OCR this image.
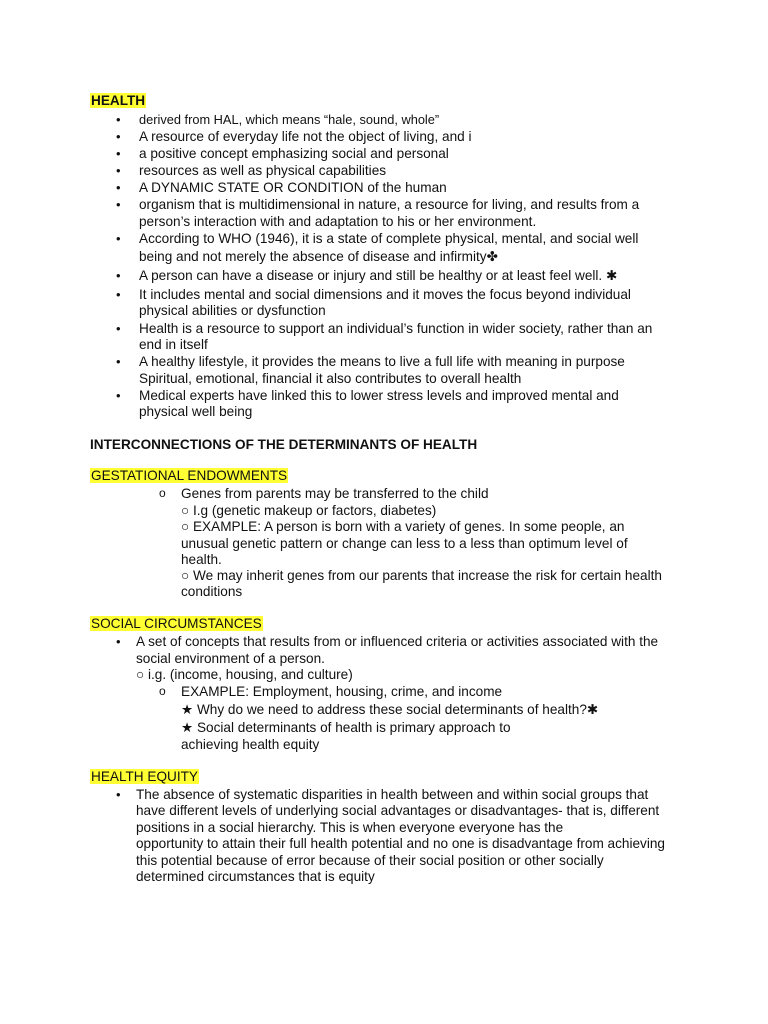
HEALTH
• derived from HAL, which means “hale, sound, whole”
• A resource of everyday life not the object of living, and i
• a positive concept emphasizing social and personal
• resources as well as physical capabilities
• A DYNAMIC STATE OR CONDITION of the human
• organism that is multidimensional in nature, a resource for living, and results from a
person’s interaction with and adaptation to his or her environment.
• According to WHO (1946), it is a state of complete physical, mental, and social well
being and not merely the absence of disease and infirmity✤
• A person can have a disease or injury and still be healthy or at least feel well. ✱
• It includes mental and social dimensions and it moves the focus beyond individual
physical abilities or dysfunction
• Health is a resource to support an individual’s function in wider society, rather than an
end in itself
• A healthy lifestyle, it provides the means to live a full life with meaning in purpose
Spiritual, emotional, financial it also contributes to overall health
• Medical experts have linked this to lower stress levels and improved mental and
physical well being
INTERCONNECTIONS OF THE DETERMINANTS OF HEALTH
GESTATIONAL ENDOWMENTS
o Genes from parents may be transferred to the child
○ I.g (genetic makeup or factors, diabetes)
○ EXAMPLE: A person is born with a variety of genes. In some people, an
unusual genetic pattern or change can less to a less than optimum level of
health.
○ We may inherit genes from our parents that increase the risk for certain health
conditions
SOCIAL CIRCUMSTANCES
• A set of concepts that results from or influenced criteria or activities associated with the
social environment of a person.
○ i.g. (income, housing, and culture)
o EXAMPLE: Employment, housing, crime, and income
★ Why do we need to address these social determinants of health?✱
★ Social determinants of health is primary approach to
achieving health equity
HEALTH EQUITY
• The absence of systematic disparities in health between and within social groups that
have different levels of underlying social advantages or disadvantages- that is, different
positions in a social hierarchy. This is when everyone everyone has the
opportunity to attain their full health potential and no one is disadvantage from achieving
this potential because of error because of their social position or other socially
determined circumstances that is equity
